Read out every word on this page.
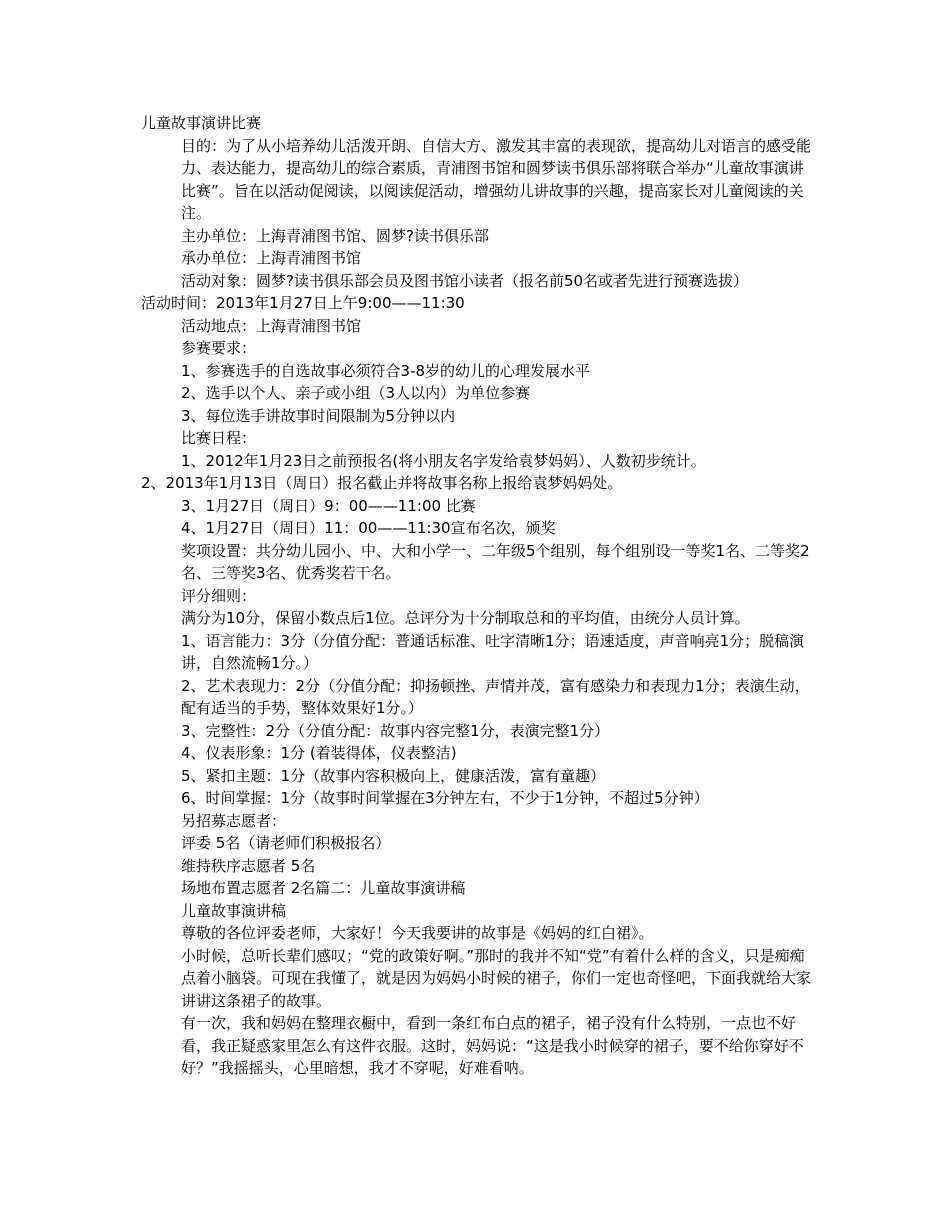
儿童故事演讲比赛
目的：为了从小培养幼儿活泼开朗、自信大方、激发其丰富的表现欲，提高幼儿对语言的感受能力、表达能力，提高幼儿的综合素质，青浦图书馆和圆梦读书俱乐部将联合举办“儿童故事演讲比赛”。旨在以活动促阅读，以阅读促活动，增强幼儿讲故事的兴趣，提高家长对儿童阅读的关注。
主办单位：上海青浦图书馆、圆梦?读书俱乐部
承办单位：上海青浦图书馆
活动对象：圆梦?读书俱乐部会员及图书馆小读者（报名前50名或者先进行预赛选拔）
活动时间：2013年1月27日上午9:00——11:30
活动地点：上海青浦图书馆
参赛要求：
1、参赛选手的自选故事必须符合3-8岁的幼儿的心理发展水平
2、选手以个人、亲子或小组（3人以内）为单位参赛
3、每位选手讲故事时间限制为5分钟以内
比赛日程：
1、2012年1月23日之前预报名(将小朋友名字发给袁梦妈妈）、人数初步统计。
2、2013年1月13日（周日）报名截止并将故事名称上报给袁梦妈妈处。
3、1月27日（周日）9：00——11:00 比赛
4、1月27日（周日）11：00——11:30宣布名次，颁奖
奖项设置：共分幼儿园小、中、大和小学一、二年级5个组别，每个组别设一等奖1名、二等奖2名、三等奖3名、优秀奖若干名。
评分细则：
满分为10分，保留小数点后1位。总评分为十分制取总和的平均值，由统分人员计算。
1、语言能力：3分（分值分配：普通话标准、吐字清晰1分；语速适度，声音响亮1分；脱稿演讲，自然流畅1分。）
2、艺术表现力：2分（分值分配：抑扬顿挫、声情并茂，富有感染力和表现力1分；表演生动，配有适当的手势，整体效果好1分。）
3、完整性：2分（分值分配：故事内容完整1分，表演完整1分）
4、仪表形象：1分 (着装得体，仪表整洁)
5、紧扣主题：1分（故事内容积极向上，健康活泼，富有童趣）
6、时间掌握：1分（故事时间掌握在3分钟左右，不少于1分钟，不超过5分钟）
另招募志愿者：
评委 5名（请老师们积极报名）
维持秩序志愿者 5名
场地布置志愿者 2名篇二：儿童故事演讲稿
儿童故事演讲稿
尊敬的各位评委老师，大家好！今天我要讲的故事是《妈妈的红白裙》。
小时候，总听长辈们感叹；“党的政策好啊。”那时的我并不知“党”有着什么样的含义，只是痴痴点着小脑袋。可现在我懂了，就是因为妈妈小时候的裙子，你们一定也奇怪吧，下面我就给大家讲讲这条裙子的故事。
有一次，我和妈妈在整理衣橱中，看到一条红布白点的裙子，裙子没有什么特别，一点也不好看，我正疑惑家里怎么有这件衣服。这时，妈妈说：“这是我小时候穿的裙子，要不给你穿好不好？”我摇摇头，心里暗想，我才不穿呢，好难看呐。
